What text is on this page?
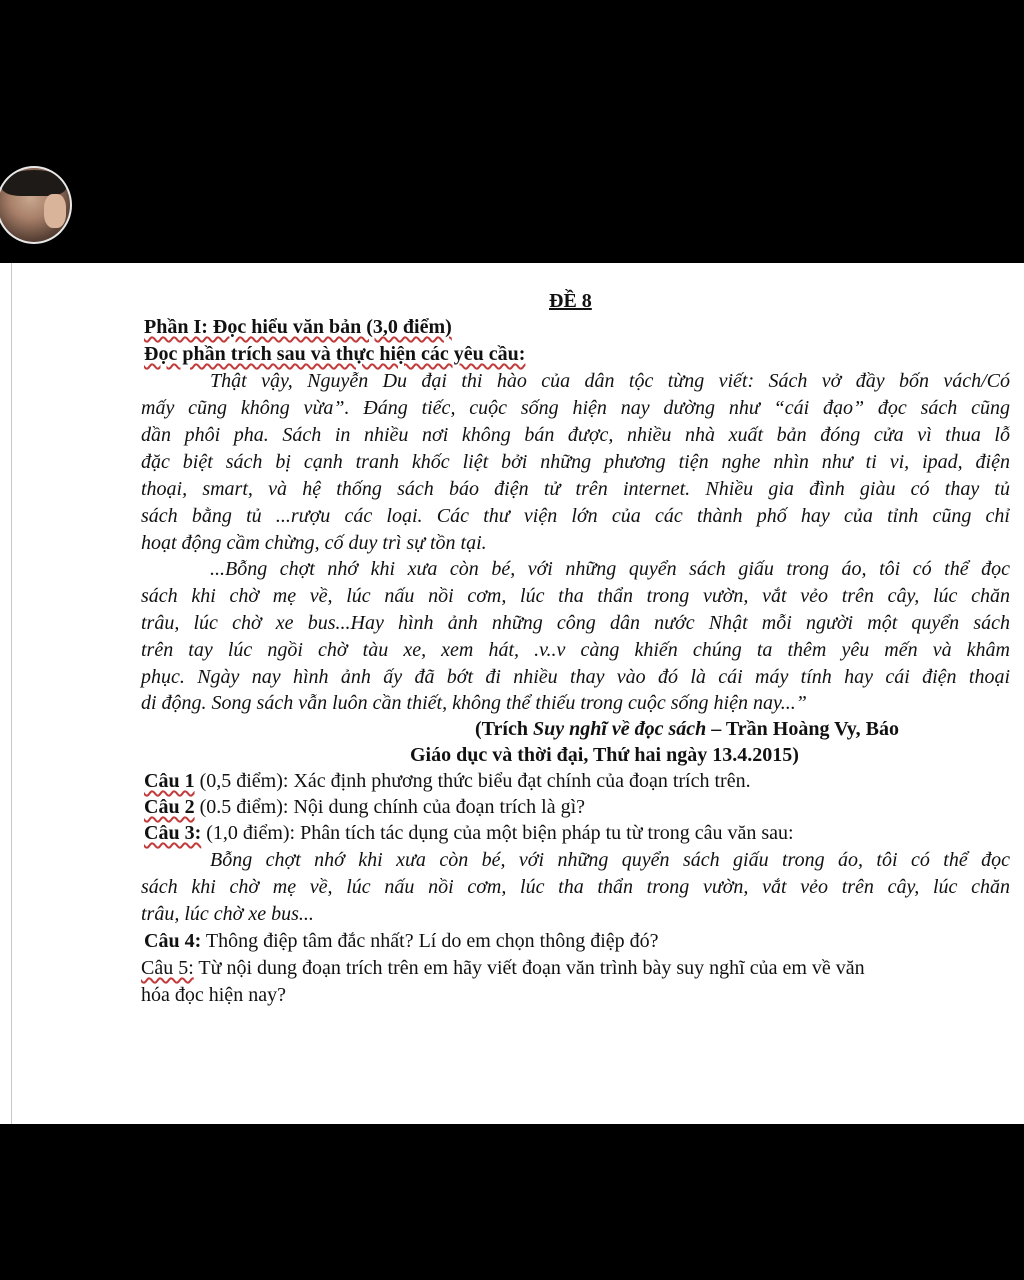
ĐỀ 8
Phần I: Đọc hiểu văn bản (3,0 điểm)
Đọc phần trích sau và thực hiện các yêu cầu:
Thật vậy, Nguyễn Du đại thi hào của dân tộc từng viết: Sách vở đầy bốn vách/Có
mấy cũng không vừa”. Đáng tiếc, cuộc sống hiện nay dường như “cái đạo” đọc sách cũng
dần phôi pha. Sách in nhiều nơi không bán được, nhiều nhà xuất bản đóng cửa vì thua lỗ
đặc biệt sách bị cạnh tranh khốc liệt bởi những phương tiện nghe nhìn như ti vi, ipad, điện
thoại, smart, và hệ thống sách báo điện tử trên internet. Nhiều gia đình giàu có thay tủ
sách bằng tủ ...rượu các loại. Các thư viện lớn của các thành phố hay của tỉnh cũng chỉ
hoạt động cầm chừng, cố duy trì sự tồn tại.
...Bỗng chợt nhớ khi xưa còn bé, với những quyển sách giấu trong áo, tôi có thể đọc
sách khi chờ mẹ về, lúc nấu nồi cơm, lúc tha thẩn trong vườn, vắt vẻo trên cây, lúc chăn
trâu, lúc chờ xe bus...Hay hình ảnh những công dân nước Nhật mỗi người một quyển sách
trên tay lúc ngồi chờ tàu xe, xem hát, .v..v càng khiến chúng ta thêm yêu mến và khâm
phục. Ngày nay hình ảnh ấy đã bớt đi nhiều thay vào đó là cái máy tính hay cái điện thoại
di động. Song sách vẫn luôn cần thiết, không thể thiếu trong cuộc sống hiện nay...”
(Trích Suy nghĩ về đọc sách – Trần Hoàng Vy, Báo
Giáo dục và thời đại, Thứ hai ngày 13.4.2015)
Câu 1 (0,5 điểm): Xác định phương thức biểu đạt chính của đoạn trích trên.
Câu 2 (0.5 điểm): Nội dung chính của đoạn trích là gì?
Câu 3: (1,0 điểm): Phân tích tác dụng của một biện pháp tu từ trong câu văn sau:
Bỗng chợt nhớ khi xưa còn bé, với những quyển sách giấu trong áo, tôi có thể đọc
sách khi chờ mẹ về, lúc nấu nồi cơm, lúc tha thẩn trong vườn, vắt vẻo trên cây, lúc chăn
trâu, lúc chờ xe bus...
Câu 4: Thông điệp tâm đắc nhất? Lí do em chọn thông điệp đó?
Câu 5: Từ nội dung đoạn trích trên em hãy viết đoạn văn trình bày suy nghĩ của em về văn
hóa đọc hiện nay?
